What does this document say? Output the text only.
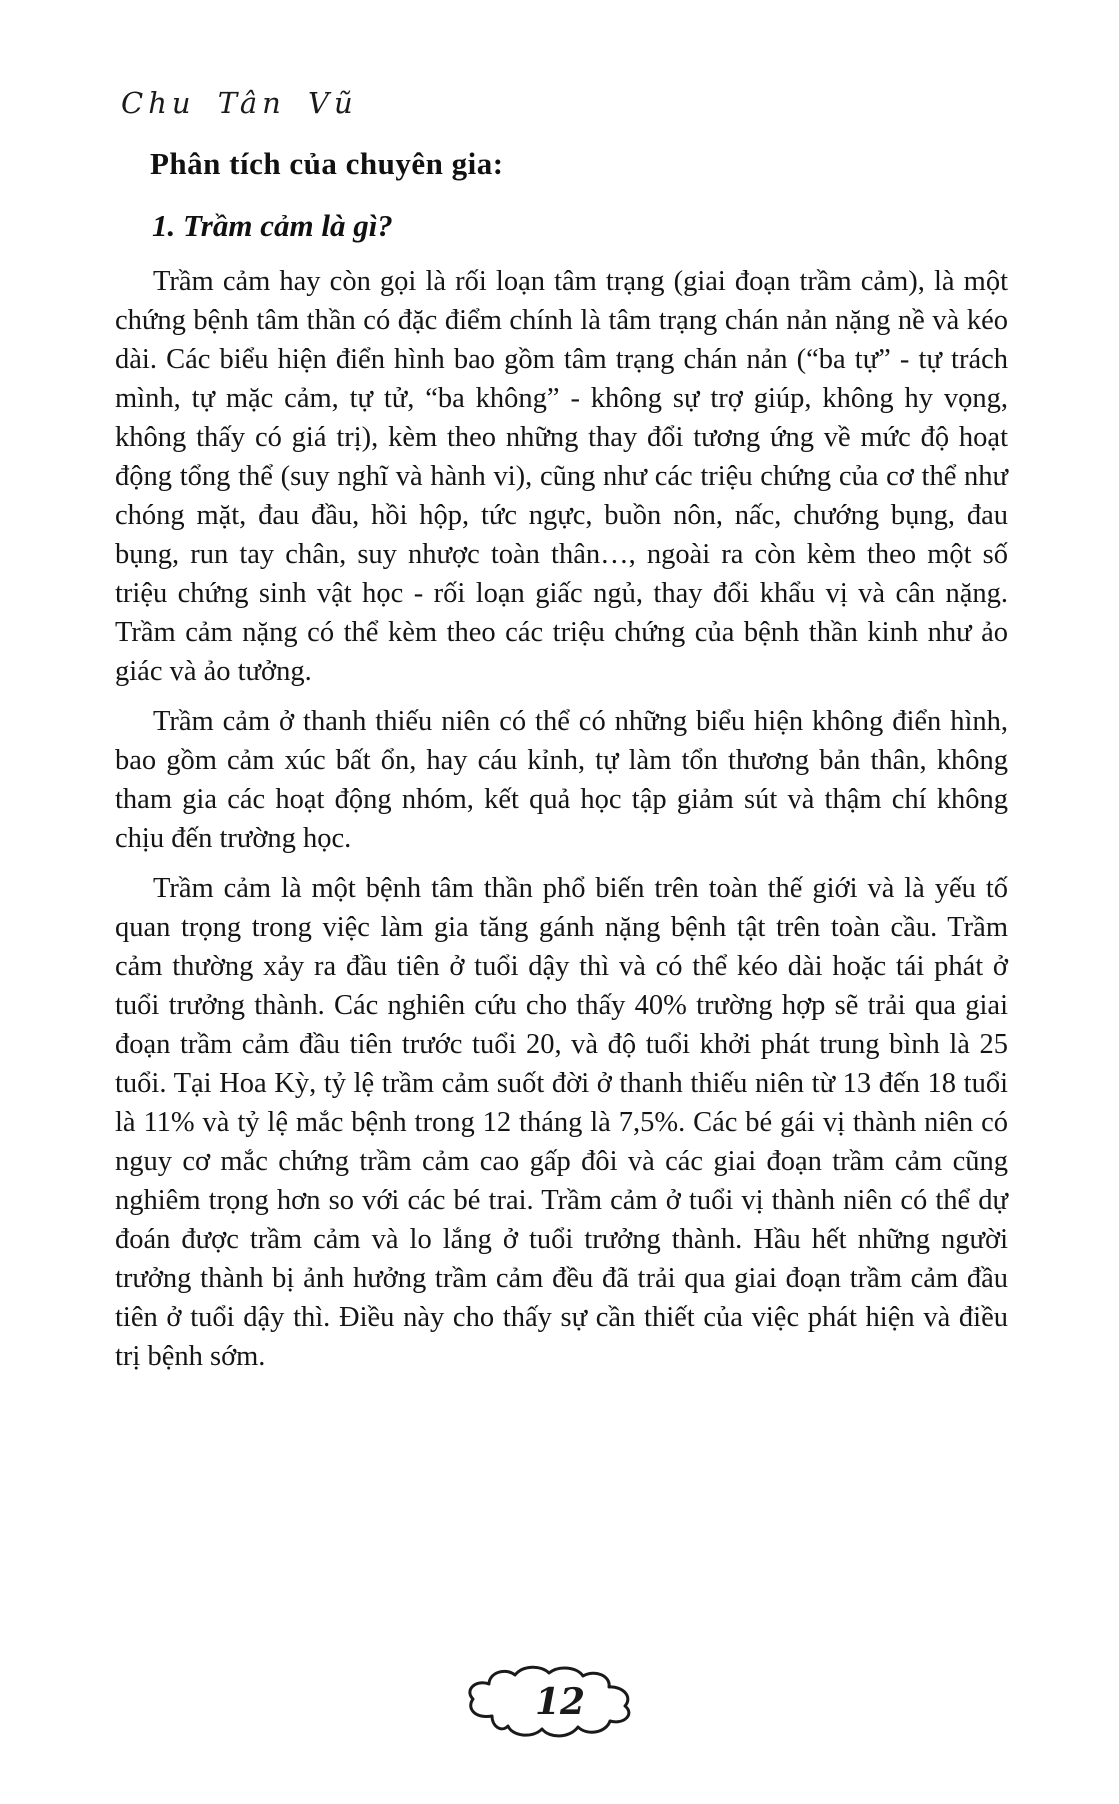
Chu Tân Vũ
Phân tích của chuyên gia:
1. Trầm cảm là gì?

Trầm cảm hay còn gọi là rối loạn tâm trạng (giai đoạn trầm cảm), là một chứng bệnh tâm thần có đặc điểm chính là tâm trạng chán nản nặng nề và kéo dài. Các biểu hiện điển hình bao gồm tâm trạng chán nản (“ba tự” - tự trách mình, tự mặc cảm, tự tử, “ba không” - không sự trợ giúp, không hy vọng, không thấy có giá trị), kèm theo những thay đổi tương ứng về mức độ hoạt động tổng thể (suy nghĩ và hành vi), cũng như các triệu chứng của cơ thể như chóng mặt, đau đầu, hồi hộp, tức ngực, buồn nôn, nấc, chướng bụng, đau bụng, run tay chân, suy nhược toàn thân…, ngoài ra còn kèm theo một số triệu chứng sinh vật học - rối loạn giấc ngủ, thay đổi khẩu vị và cân nặng. Trầm cảm nặng có thể kèm theo các triệu chứng của bệnh thần kinh như ảo giác và ảo tưởng.

Trầm cảm ở thanh thiếu niên có thể có những biểu hiện không điển hình, bao gồm cảm xúc bất ổn, hay cáu kỉnh, tự làm tổn thương bản thân, không tham gia các hoạt động nhóm, kết quả học tập giảm sút và thậm chí không chịu đến trường học.

Trầm cảm là một bệnh tâm thần phổ biến trên toàn thế giới và là yếu tố quan trọng trong việc làm gia tăng gánh nặng bệnh tật trên toàn cầu. Trầm cảm thường xảy ra đầu tiên ở tuổi dậy thì và có thể kéo dài hoặc tái phát ở tuổi trưởng thành. Các nghiên cứu cho thấy 40% trường hợp sẽ trải qua giai đoạn trầm cảm đầu tiên trước tuổi 20, và độ tuổi khởi phát trung bình là 25 tuổi. Tại Hoa Kỳ, tỷ lệ trầm cảm suốt đời ở thanh thiếu niên từ 13 đến 18 tuổi là 11% và tỷ lệ mắc bệnh trong 12 tháng là 7,5%. Các bé gái vị thành niên có nguy cơ mắc chứng trầm cảm cao gấp đôi và các giai đoạn trầm cảm cũng nghiêm trọng hơn so với các bé trai. Trầm cảm ở tuổi vị thành niên có thể dự đoán được trầm cảm và lo lắng ở tuổi trưởng thành. Hầu hết những người trưởng thành bị ảnh hưởng trầm cảm đều đã trải qua giai đoạn trầm cảm đầu tiên ở tuổi dậy thì. Điều này cho thấy sự cần thiết của việc phát hiện và điều trị bệnh sớm.

12
